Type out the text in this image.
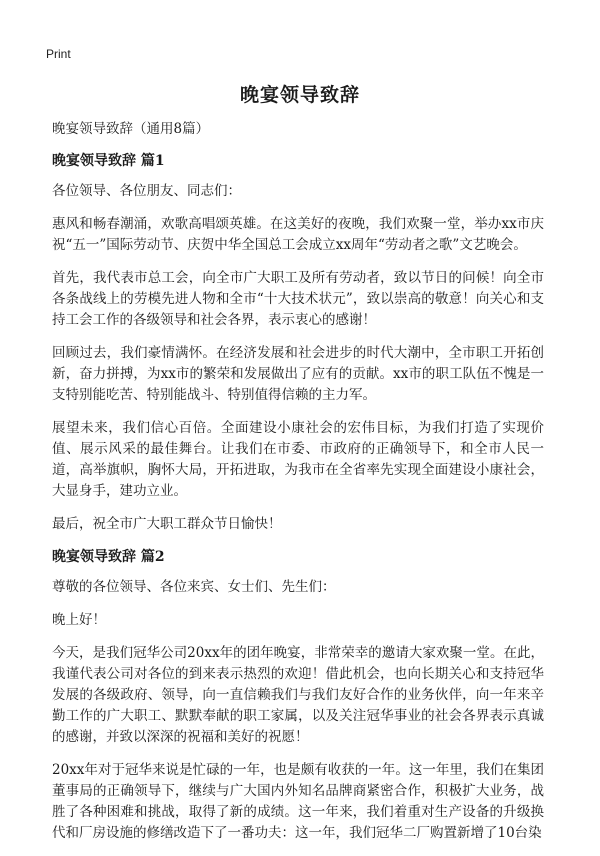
Print
晚宴领导致辞

晚宴领导致辞（通用8篇）

晚宴领导致辞 篇1

各位领导、各位朋友、同志们：

惠风和畅春潮涌，欢歌高唱颂英雄。在这美好的夜晚，我们欢聚一堂，举办xx市庆祝“五一”国际劳动节、庆贺中华全国总工会成立xx周年“劳动者之歌”文艺晚会。

首先，我代表市总工会，向全市广大职工及所有劳动者，致以节日的问候！向全市各条战线上的劳模先进人物和全市“十大技术状元”，致以崇高的敬意！向关心和支持工会工作的各级领导和社会各界，表示衷心的感谢！

回顾过去，我们豪情满怀。在经济发展和社会进步的时代大潮中，全市职工开拓创新，奋力拼搏，为xx市的繁荣和发展做出了应有的贡献。xx市的职工队伍不愧是一支特别能吃苦、特别能战斗、特别值得信赖的主力军。

展望未来，我们信心百倍。全面建设小康社会的宏伟目标，为我们打造了实现价值、展示风采的最佳舞台。让我们在市委、市政府的正确领导下，和全市人民一道，高举旗帜，胸怀大局，开拓进取，为我市在全省率先实现全面建设小康社会，大显身手，建功立业。

最后，祝全市广大职工群众节日愉快！

晚宴领导致辞 篇2

尊敬的各位领导、各位来宾、女士们、先生们：

晚上好！

今天，是我们冠华公司20xx年的团年晚宴，非常荣幸的邀请大家欢聚一堂。在此，我谨代表公司对各位的到来表示热烈的欢迎！借此机会，也向长期关心和支持冠华发展的各级政府、领导，向一直信赖我们与我们友好合作的业务伙伴，向一年来辛勤工作的广大职工、默默奉献的职工家属，以及关注冠华事业的社会各界表示真诚的感谢，并致以深深的祝福和美好的祝愿！

20xx年对于冠华来说是忙碌的一年，也是颇有收获的一年。这一年里，我们在集团董事局的正确领导下，继续与广大国内外知名品牌商紧密合作，积极扩大业务，战胜了各种困难和挑战，取得了新的成绩。这一年来，我们着重对生产设备的升级换代和厂房设施的修缮改造下了一番功夫：这一年，我们冠华二厂购置新增了10台染
